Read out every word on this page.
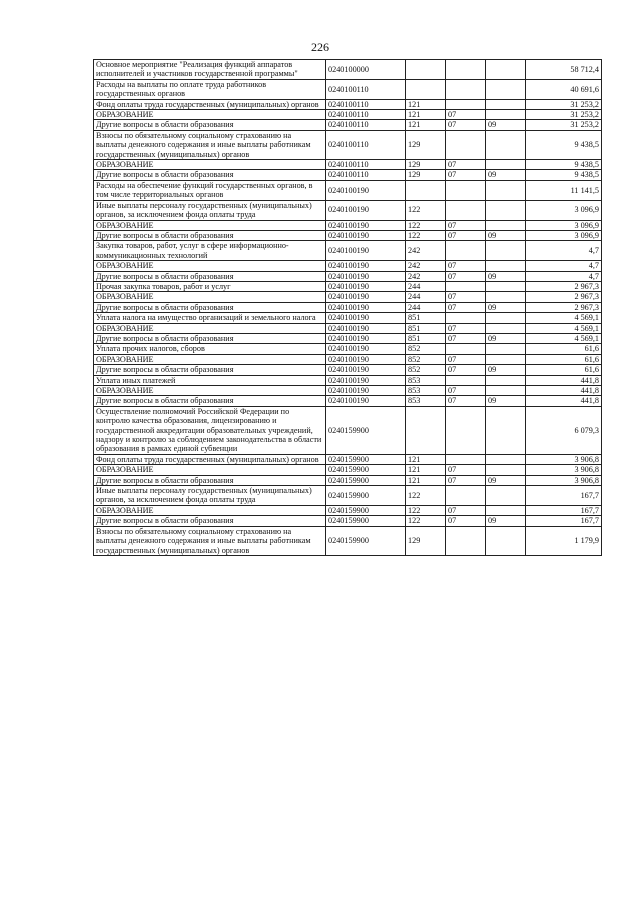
226
Основное мероприятие "Реализация функций аппаратов исполнителей и участников государственной программы"	0240100000				58 712,4
Расходы на выплаты по оплате труда работников государственных органов	0240100110				40 691,6
Фонд оплаты труда государственных (муниципальных) органов	0240100110	121			31 253,2
ОБРАЗОВАНИЕ	0240100110	121	07		31 253,2
Другие вопросы в области образования	0240100110	121	07	09	31 253,2
Взносы по обязательному социальному страхованию на выплаты денежного содержания и иные выплаты работникам государственных (муниципальных) органов	0240100110	129			9 438,5
ОБРАЗОВАНИЕ	0240100110	129	07		9 438,5
Другие вопросы в области образования	0240100110	129	07	09	9 438,5
Расходы на обеспечение функций государственных органов, в том числе территориальных органов	0240100190				11 141,5
Иные выплаты персоналу государственных (муниципальных) органов, за исключением фонда оплаты труда	0240100190	122			3 096,9
ОБРАЗОВАНИЕ	0240100190	122	07		3 096,9
Другие вопросы в области образования	0240100190	122	07	09	3 096,9
Закупка товаров, работ, услуг в сфере информационно-коммуникационных технологий	0240100190	242			4,7
ОБРАЗОВАНИЕ	0240100190	242	07		4,7
Другие вопросы в области образования	0240100190	242	07	09	4,7
Прочая закупка товаров, работ и услуг	0240100190	244			2 967,3
ОБРАЗОВАНИЕ	0240100190	244	07		2 967,3
Другие вопросы в области образования	0240100190	244	07	09	2 967,3
Уплата налога на имущество организаций и земельного налога	0240100190	851			4 569,1
ОБРАЗОВАНИЕ	0240100190	851	07		4 569,1
Другие вопросы в области образования	0240100190	851	07	09	4 569,1
Уплата прочих налогов, сборов	0240100190	852			61,6
ОБРАЗОВАНИЕ	0240100190	852	07		61,6
Другие вопросы в области образования	0240100190	852	07	09	61,6
Уплата иных платежей	0240100190	853			441,8
ОБРАЗОВАНИЕ	0240100190	853	07		441,8
Другие вопросы в области образования	0240100190	853	07	09	441,8
Осуществление полномочий Российской Федерации по контролю качества образования, лицензированию и государственной аккредитации образовательных учреждений, надзору и контролю за соблюдением законодательства в области образования в рамках единой субвенции	0240159900				6 079,3
Фонд оплаты труда государственных (муниципальных) органов	0240159900	121			3 906,8
ОБРАЗОВАНИЕ	0240159900	121	07		3 906,8
Другие вопросы в области образования	0240159900	121	07	09	3 906,8
Иные выплаты персоналу государственных (муниципальных) органов, за исключением фонда оплаты труда	0240159900	122			167,7
ОБРАЗОВАНИЕ	0240159900	122	07		167,7
Другие вопросы в области образования	0240159900	122	07	09	167,7
Взносы по обязательному социальному страхованию на выплаты денежного содержания и иные выплаты работникам государственных (муниципальных) органов	0240159900	129			1 179,9
